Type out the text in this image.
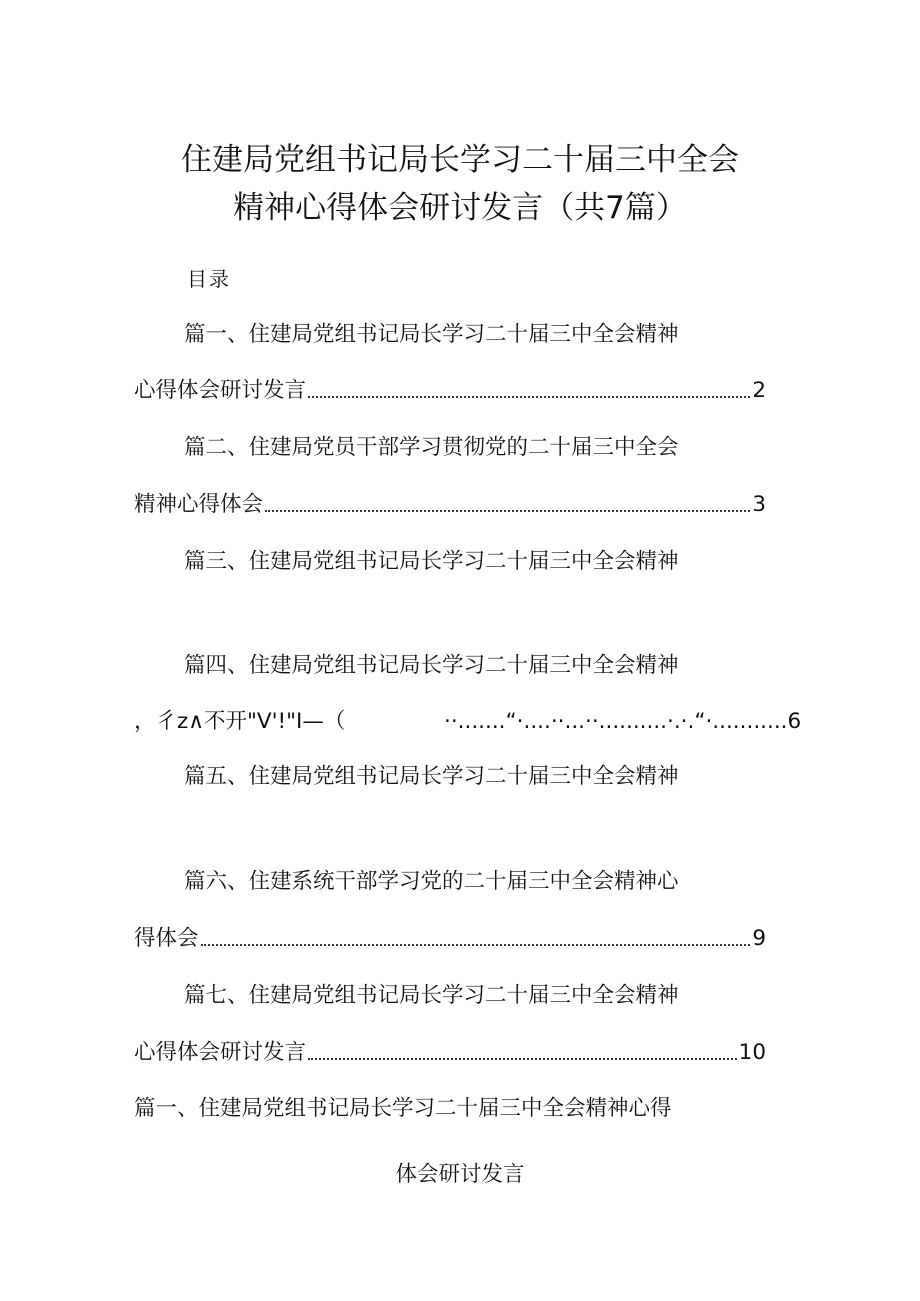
住建局党组书记局长学习二十届三中全会
精神心得体会研讨发言（共7篇）
目录
篇一、住建局党组书记局长学习二十届三中全会精神
心得体会研讨发言	2
篇二、住建局党员干部学习贯彻党的二十届三中全会
精神心得体会	3
篇三、住建局党组书记局长学习二十届三中全会精神
篇四、住建局党组书记局长学习二十届三中全会精神
，彳z∧不开"V'!"I—（	··.......“·....··...··..........·.·.“·...........6
篇五、住建局党组书记局长学习二十届三中全会精神
篇六、住建系统干部学习党的二十届三中全会精神心
得体会	9
篇七、住建局党组书记局长学习二十届三中全会精神
心得体会研讨发言	10
篇一、住建局党组书记局长学习二十届三中全会精神心得
体会研讨发言
